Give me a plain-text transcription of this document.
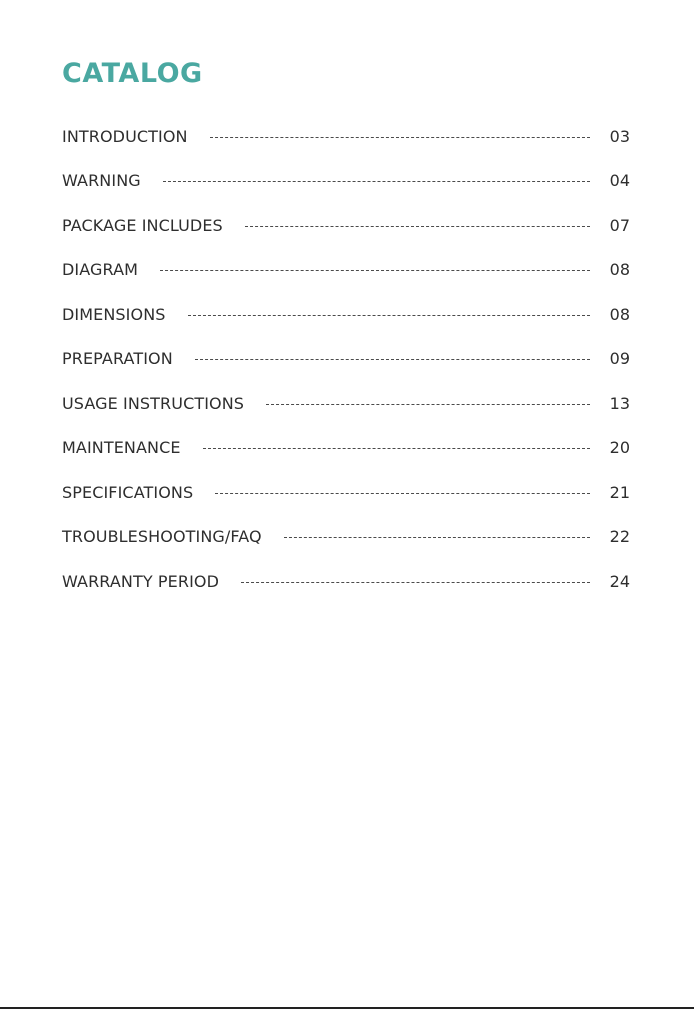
CATALOG
INTRODUCTION	03
WARNING	04
PACKAGE INCLUDES	07
DIAGRAM	08
DIMENSIONS	08
PREPARATION	09
USAGE INSTRUCTIONS	13
MAINTENANCE	20
SPECIFICATIONS	21
TROUBLESHOOTING/FAQ	22
WARRANTY PERIOD	24
